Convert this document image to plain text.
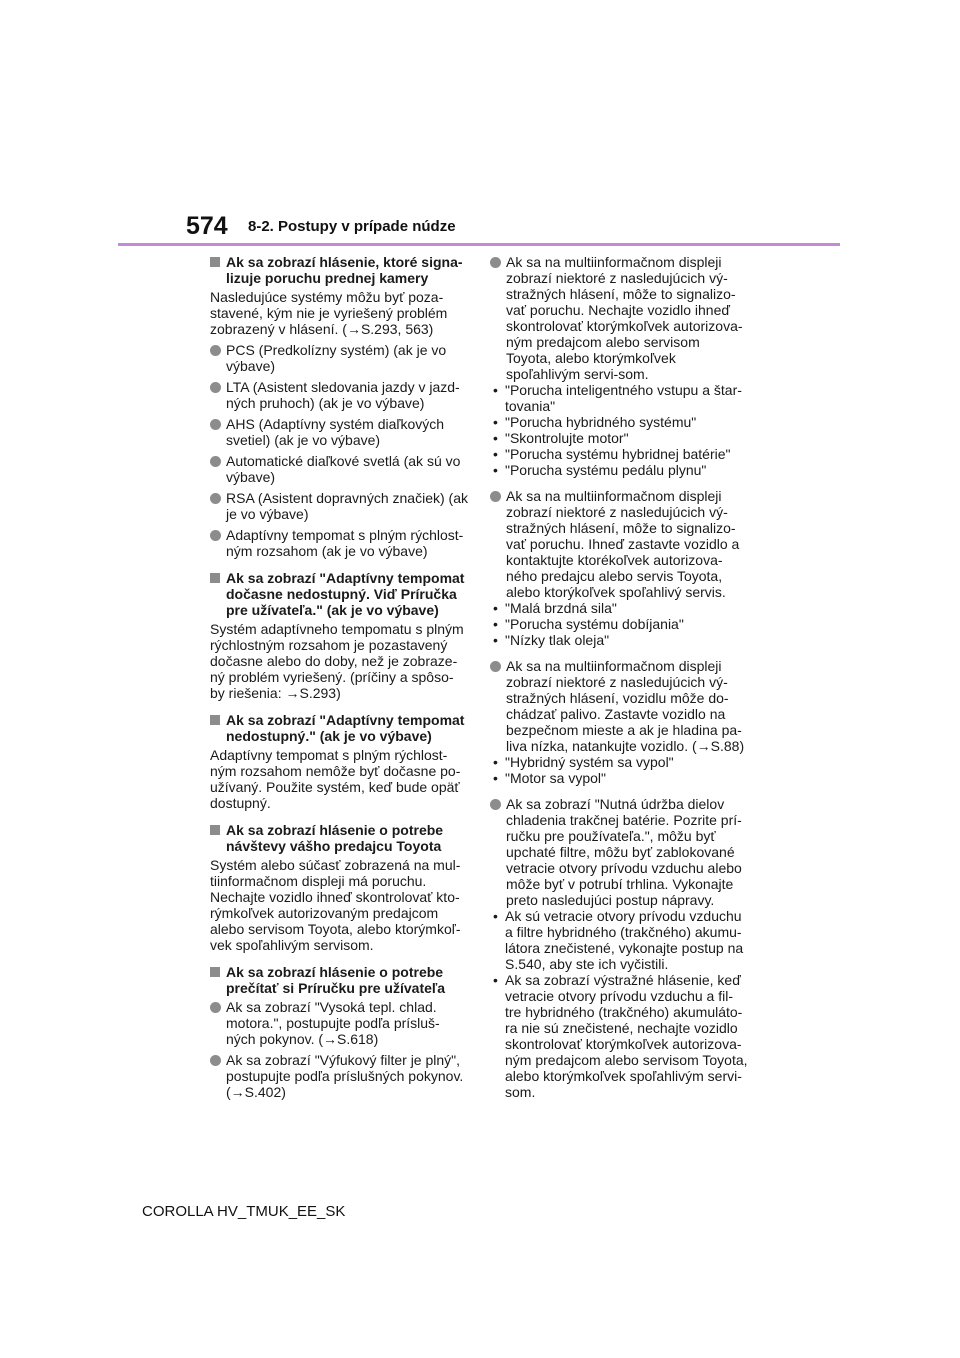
574 8-2. Postupy v prípade núdze
Ak sa zobrazí hlásenie, ktoré signa-lizuje poruchu prednej kamery
Nasledujúce systémy môžu byť poza-stavené, kým nie je vyriešený problém zobrazený v hlásení. (→S.293, 563)
PCS (Predkolízny systém) (ak je vo výbave)
LTA (Asistent sledovania jazdy v jazd-ných pruhoch) (ak je vo výbave)
AHS (Adaptívny systém diaľkových svetiel) (ak je vo výbave)
Automatické diaľkové svetlá (ak sú vo výbave)
RSA (Asistent dopravných značiek) (ak je vo výbave)
Adaptívny tempomat s plným rýchlost-ným rozsahom (ak je vo výbave)
Ak sa zobrazí "Adaptívny tempomat dočasne nedostupný. Viď Príručka pre užívateľa." (ak je vo výbave)
Systém adaptívneho tempomatu s plným rýchlostným rozsahom je pozastavený dočasne alebo do doby, než je zobraze-ný problém vyriešený. (príčiny a spôso-by riešenia: →S.293)
Ak sa zobrazí "Adaptívny tempomat nedostupný." (ak je vo výbave)
Adaptívny tempomat s plným rýchlost-ným rozsahom nemôže byť dočasne po-užívaný. Použite systém, keď bude opäť dostupný.
Ak sa zobrazí hlásenie o potrebe návštevy vášho predajcu Toyota
Systém alebo súčasť zobrazená na mul-tiinformačnom displeji má poruchu. Nechajte vozidlo ihneď skontrolovať kto-rýmkoľvek autorizovaným predajcom alebo servisom Toyota, alebo ktorýmkoľ-vek spoľahlivým servisom.
Ak sa zobrazí hlásenie o potrebe prečítať si Príručku pre užívateľa
Ak sa zobrazí "Vysoká tepl. chlad. motora.", postupujte podľa prísluš-ných pokynov. (→S.618)
Ak sa zobrazí "Výfukový filter je plný", postupujte podľa príslušných pokynov. (→S.402)
Ak sa na multiinformačnom displeji zobrazí niektoré z nasledujúcich vý-stražných hlásení, môže to signalizo-vať poruchu. Nechajte vozidlo ihneď skontrolovať ktorýmkoľvek autorizova-ným predajcom alebo servisom Toyota, alebo ktorýmkoľvek spoľahlivým servi-som.
• "Porucha inteligentného vstupu a štar-tovania"
• "Porucha hybridného systému"
• "Skontrolujte motor"
• "Porucha systému hybridnej batérie"
• "Porucha systému pedálu plynu"
Ak sa na multiinformačnom displeji zobrazí niektoré z nasledujúcich vý-stražných hlásení, môže to signalizo-vať poruchu. Ihneď zastavte vozidlo a kontaktujte ktorékoľvek autorizova-ného predajcu alebo servis Toyota, alebo ktorýkoľvek spoľahlivý servis.
• "Malá brzdná sila"
• "Porucha systému dobíjania"
• "Nízky tlak oleja"
Ak sa na multiinformačnom displeji zobrazí niektoré z nasledujúcich vý-stražných hlásení, vozidlu môže do-chádzať palivo. Zastavte vozidlo na bezpečnom mieste a ak je hladina pa-liva nízka, natankujte vozidlo. (→S.88)
• "Hybridný systém sa vypol"
• "Motor sa vypol"
Ak sa zobrazí "Nutná údržba dielov chladenia trakčnej batérie. Pozrite prí-ručku pre používateľa.", môžu byť upchaté filtre, môžu byť zablokované vetracie otvory prívodu vzduchu alebo môže byť v potrubí trhlina. Vykonajte preto nasledujúci postup nápravy.
• Ak sú vetracie otvory prívodu vzduchu a filtre hybridného (trakčného) akumu-látora znečistené, vykonajte postup na S.540, aby ste ich vyčistili.
• Ak sa zobrazí výstražné hlásenie, keď vetracie otvory prívodu vzduchu a fil-tre hybridného (trakčného) akumuláto-ra nie sú znečistené, nechajte vozidlo skontrolovať ktorýmkoľvek autorizova-ným predajcom alebo servisom Toyota, alebo ktorýmkoľvek spoľahlivým servi-som.
COROLLA HV_TMUK_EE_SK
